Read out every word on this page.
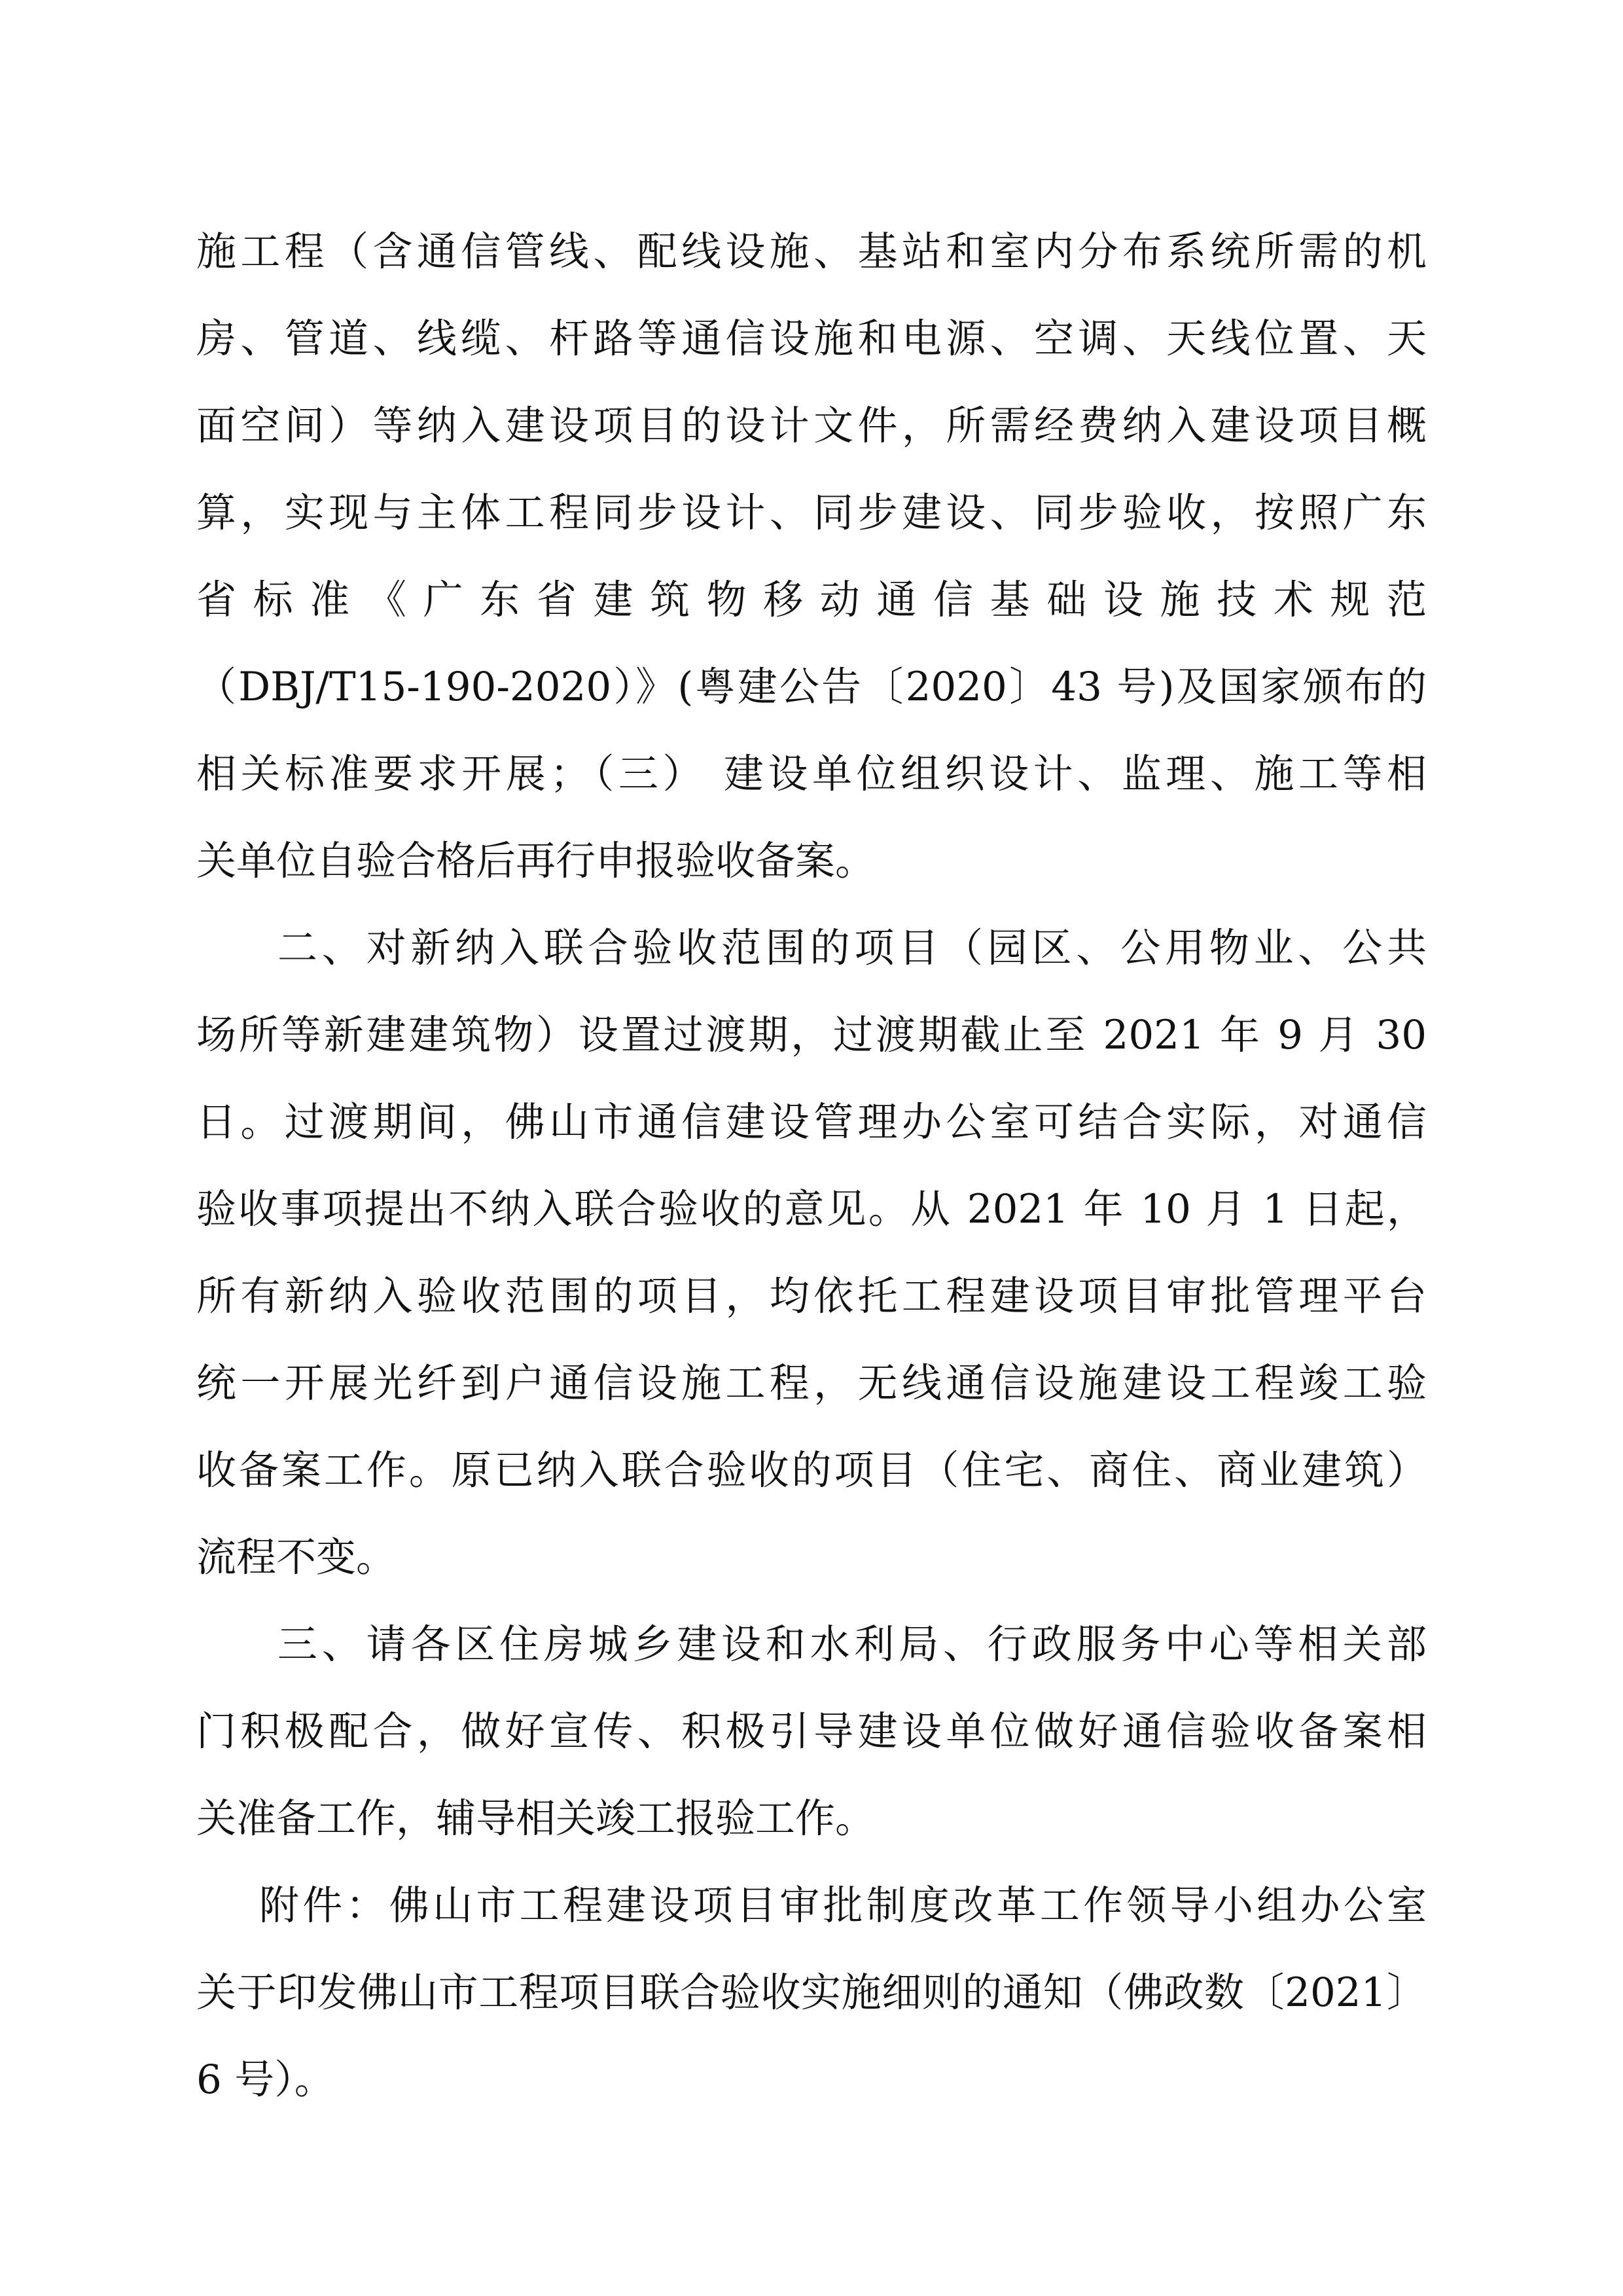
施工程（含通信管线、配线设施、基站和室内分布系统所需的机
房、管道、线缆、杆路等通信设施和电源、空调、天线位置、天
面空间）等纳入建设项目的设计文件，所需经费纳入建设项目概
算，实现与主体工程同步设计、同步建设、同步验收，按照广东
省标准《广东省建筑物移动通信基础设施技术规范
（DBJ/T15-190-2020）》(粤建公告〔2020〕43 号)及国家颁布的
相关标准要求开展；（三） 建设单位组织设计、监理、施工等相
关单位自验合格后再行申报验收备案。
二、对新纳入联合验收范围的项目（园区、公用物业、公共
场所等新建建筑物）设置过渡期，过渡期截止至 2021 年 9 月 30
日。过渡期间，佛山市通信建设管理办公室可结合实际，对通信
验收事项提出不纳入联合验收的意见。从 2021 年 10 月 1 日起，
所有新纳入验收范围的项目，均依托工程建设项目审批管理平台
统一开展光纤到户通信设施工程，无线通信设施建设工程竣工验
收备案工作。原已纳入联合验收的项目（住宅、商住、商业建筑）
流程不变。
三、请各区住房城乡建设和水利局、行政服务中心等相关部
门积极配合，做好宣传、积极引导建设单位做好通信验收备案相
关准备工作，辅导相关竣工报验工作。
附件：佛山市工程建设项目审批制度改革工作领导小组办公室
关于印发佛山市工程项目联合验收实施细则的通知（佛政数〔2021〕
6 号）。
